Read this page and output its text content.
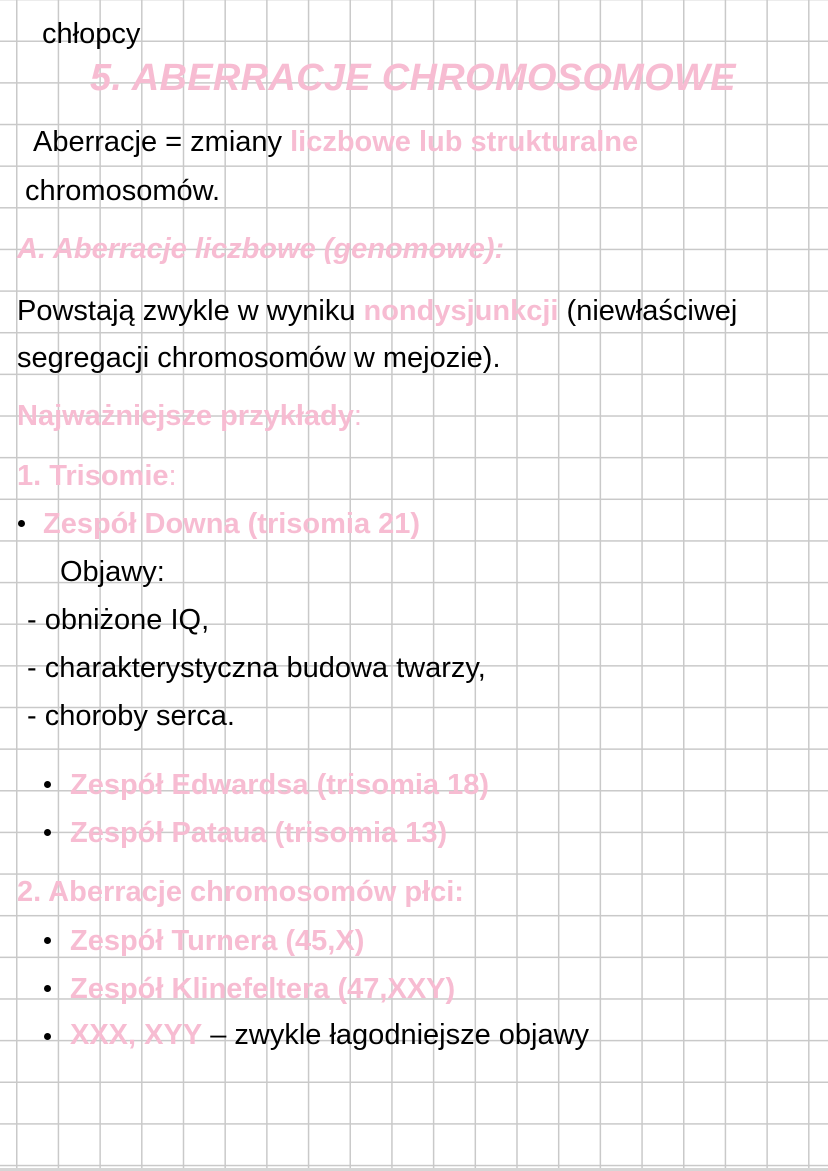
chłopcy
5. ABERRACJE CHROMOSOMOWE
Aberracje = zmiany liczbowe lub strukturalne
chromosomów.
A. Aberracje liczbowe (genomowe):
Powstają zwykle w wyniku nondysjunkcji (niewłaściwej
segregacji chromosomów w mejozie).
Najważniejsze przykłady:
1. Trisomie:
Zespół Downa (trisomia 21)
Objawy:
- obniżone IQ,
- charakterystyczna budowa twarzy,
- choroby serca.
Zespół Edwardsa (trisomia 18)
Zespół Pataua (trisomia 13)
2. Aberracje chromosomów płci:
Zespół Turnera (45,X)
Zespół Klinefeltera (47,XXY)
XXX, XYY – zwykle łagodniejsze objawy
